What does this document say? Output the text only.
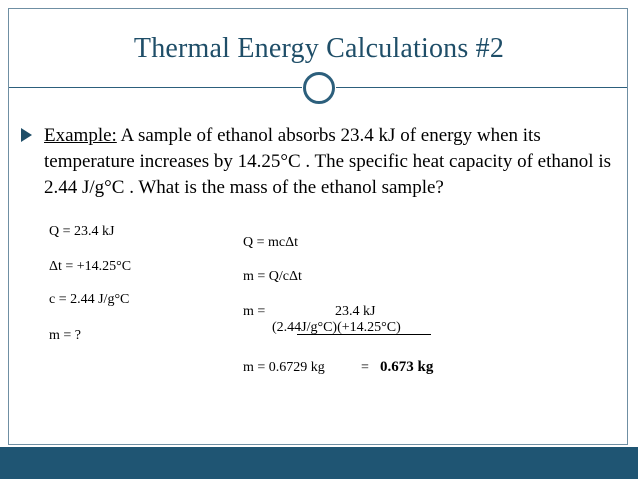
Thermal Energy Calculations #2
Example: A sample of ethanol absorbs 23.4 kJ of energy when its temperature increases by 14.25°C . The specific heat capacity of ethanol is 2.44 J/g°C . What is the mass of the ethanol sample?
Q = 23.4 kJ
Δt = +14.25°C
c = 2.44 J/g°C
m = ?
Q = mcΔt
m = Q/cΔt
m =	23.4 kJ
(2.44J/g°C)(+14.25°C)
m = 0.6729 kg	= 0.673 kg
